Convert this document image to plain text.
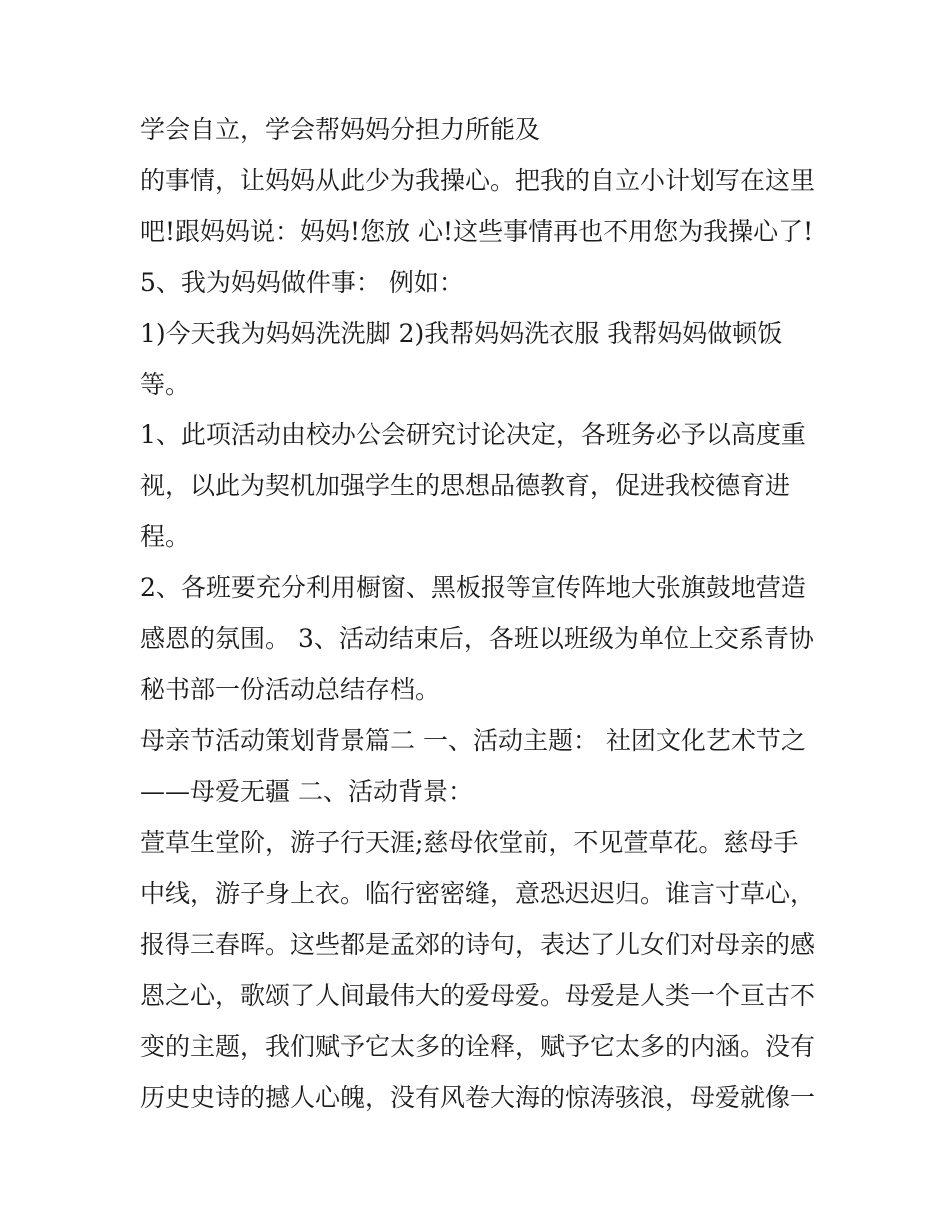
学会自立，学会帮妈妈分担力所能及
的事情，让妈妈从此少为我操心。把我的自立小计划写在这里
吧!跟妈妈说：妈妈!您放 心!这些事情再也不用您为我操心了!
5、我为妈妈做件事： 例如：
1)今天我为妈妈洗洗脚 2)我帮妈妈洗衣服 我帮妈妈做顿饭
等。
1、此项活动由校办公会研究讨论决定，各班务必予以高度重
视，以此为契机加强学生的思想品德教育，促进我校德育进
程。
2、各班要充分利用橱窗、黑板报等宣传阵地大张旗鼓地营造
感恩的氛围。 3、活动结束后，各班以班级为单位上交系青协
秘书部一份活动总结存档。
母亲节活动策划背景篇二 一、活动主题： 社团文化艺术节之
——母爱无疆 二、活动背景：
萱草生堂阶，游子行天涯;慈母依堂前，不见萱草花。慈母手
中线，游子身上衣。临行密密缝，意恐迟迟归。谁言寸草心，
报得三春晖。这些都是孟郊的诗句，表达了儿女们对母亲的感
恩之心，歌颂了人间最伟大的爱母爱。母爱是人类一个亘古不
变的主题，我们赋予它太多的诠释，赋予它太多的内涵。没有
历史史诗的撼人心魄，没有风卷大海的惊涛骇浪，母爱就像一
